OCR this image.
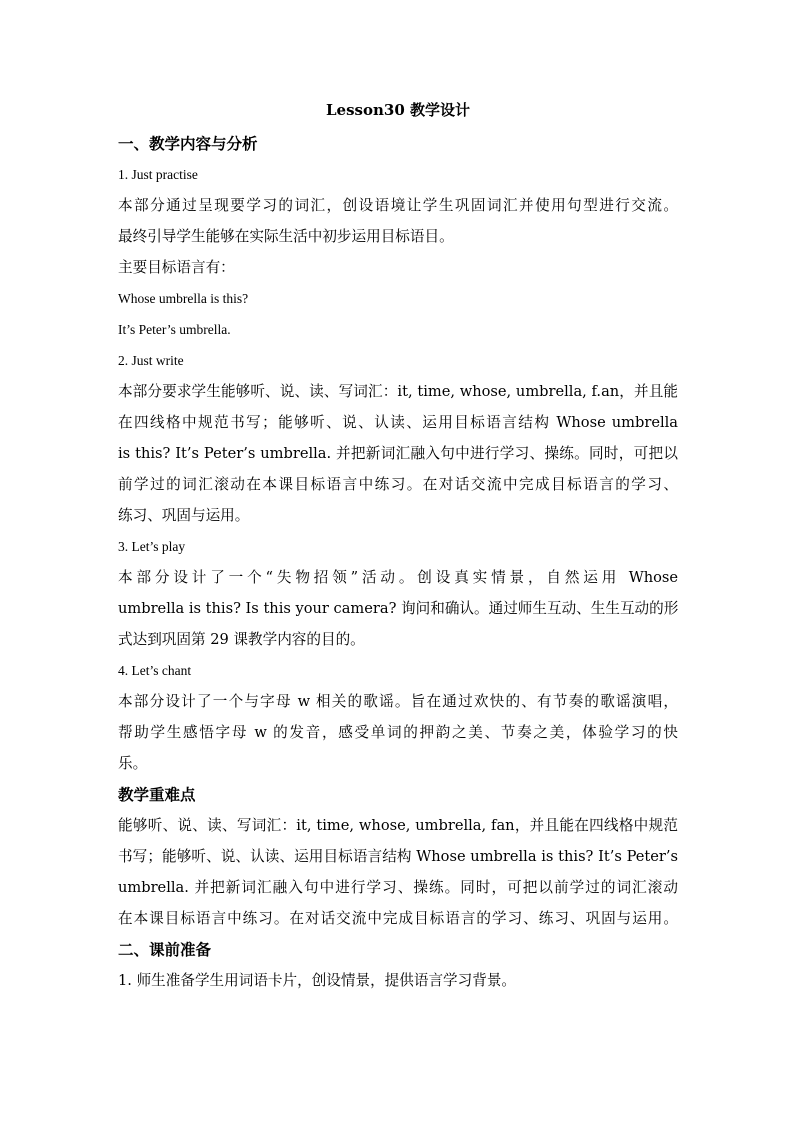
Lesson30 教学设计
一、教学内容与分析
1. Just practise
本部分通过呈现要学习的词汇，创设语境让学生巩固词汇并使用句型进行交流。
最终引导学生能够在实际生活中初步运用目标语目。
主要目标语言有：
Whose umbrella is this?
It’s Peter’s umbrella.
2. Just write
本部分要求学生能够听、说、读、写词汇：it, time, whose, umbrella, f.an，并且能
在四线格中规范书写；能够听、说、认读、运用目标语言结构 Whose umbrella
is this? It’s Peter’s umbrella. 并把新词汇融入句中进行学习、操练。同时，可把以
前学过的词汇滚动在本课目标语言中练习。在对话交流中完成目标语言的学习、
练习、巩固与运用。
3. Let’s play
本部分设计了一个“失物招领”活动。创设真实情景，自然运用 Whose
umbrella is this? Is this your camera? 询问和确认。通过师生互动、生生互动的形
式达到巩固第 29 课教学内容的目的。
4. Let’s chant
本部分设计了一个与字母 w 相关的歌谣。旨在通过欢快的、有节奏的歌谣演唱，
帮助学生感悟字母 w 的发音，感受单词的押韵之美、节奏之美，体验学习的快
乐。
教学重难点
能够听、说、读、写词汇：it, time, whose, umbrella, fan，并且能在四线格中规范
书写；能够听、说、认读、运用目标语言结构 Whose umbrella is this? It’s Peter’s
umbrella. 并把新词汇融入句中进行学习、操练。同时，可把以前学过的词汇滚动
在本课目标语言中练习。在对话交流中完成目标语言的学习、练习、巩固与运用。
二、课前准备
1. 师生准备学生用词语卡片，创设情景，提供语言学习背景。
